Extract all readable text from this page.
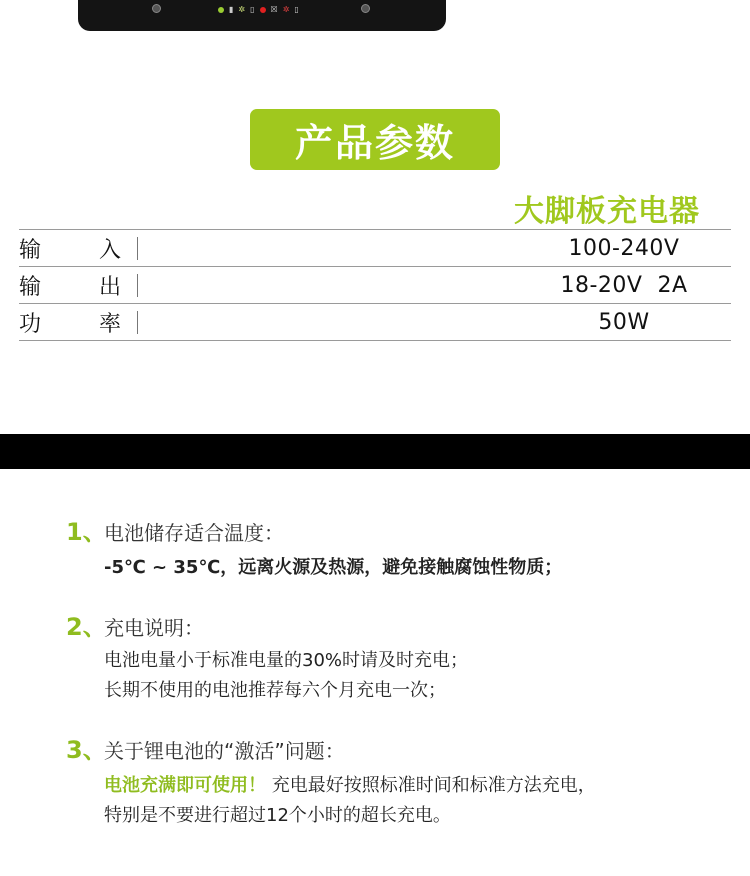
▮ ✲ ▯ ☒ ✲ ▯
产品参数
大脚板充电器
输	入	100-240V
输	出	18-20V  2A
功	率	50W
1、
电池储存适合温度：
-5℃ ~ 35℃，远离火源及热源，避免接触腐蚀性物质；
2、
充电说明：
电池电量小于标准电量的30%时请及时充电；
长期不使用的电池推荐每六个月充电一次；
3、
关于锂电池的“激活”问题：
电池充满即可使用！ 充电最好按照标准时间和标准方法充电，
特别是不要进行超过12个小时的超长充电。
